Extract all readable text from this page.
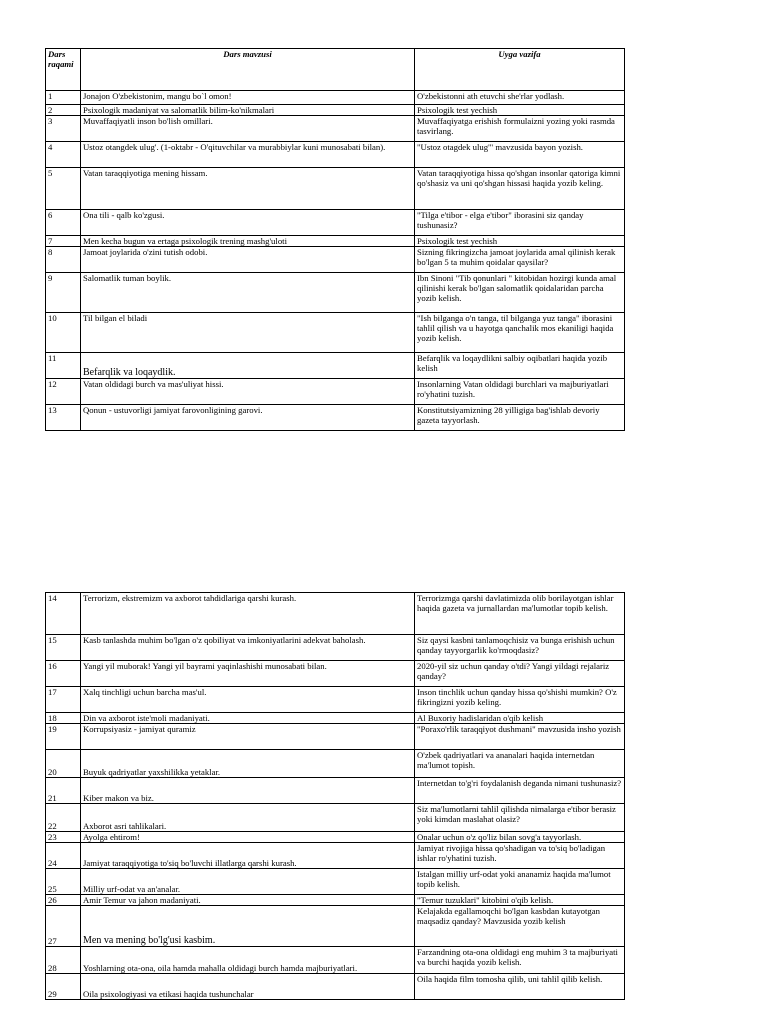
Dars raqami	Dars mavzusi	Uyga vazifa
1	Jonajon O'zbekistonim, mangu bo`l omon!	O'zbekistonni ath etuvchi she'rlar yodlash.
2	Psixologik madaniyat va salomatlik bilim-ko'nikmalari	Psixologik test yechish
3	Muvaffaqiyatli inson bo'lish omillari.	Muvaffaqiyatga erishish formulaizni yozing yoki rasmda tasvirlang.
4	Ustoz otangdek ulug'. (1-oktabr - O'qituvchilar va murabbiylar kuni munosabati bilan).	"Ustoz otagdek ulug'" mavzusida bayon yozish.
5	Vatan taraqqiyotiga mening hissam.	Vatan taraqqiyotiga hissa qo'shgan insonlar qatoriga kimni qo'shasiz va uni qo'shgan hissasi haqida yozib keling.
6	Ona tili - qalb ko'zgusi.	"Tilga e'tibor - elga e'tibor" iborasini siz qanday tushunasiz?
7	Men kecha bugun va ertaga psixologik trening mashg'uloti	Psixologik test yechish
8	Jamoat joylarida o'zini tutish odobi.	Sizning fikringizcha jamoat joylarida amal qilinish kerak bo'lgan 5 ta muhim qoidalar qaysilar?
9	Salomatlik tuman boylik.	Ibn Sinoni "Tib qonunlari " kitobidan hozirgi kunda amal qilinishi kerak bo'lgan salomatlik qoidalaridan parcha yozib kelish.
10	Til bilgan el biladi	"Ish bilganga o'n tanga, til bilganga yuz tanga" iborasini tahlil qilish va u hayotga qanchalik mos ekaniligi haqida yozib kelish.
11	Befarqlik va loqaydlik.	Befarqlik va loqaydlikni salbiy oqibatlari haqida yozib kelish
12	Vatan oldidagi burch va mas'uliyat hissi.	Insonlarning Vatan oldidagi burchlari va majburiyatlari ro'yhatini tuzish.
13	Qonun - ustuvorligi jamiyat farovonligining garovi.	Konstitutsiyamizning 28 yilligiga bag'ishlab devoriy gazeta tayyorlash.
14	Terrorizm, ekstremizm va axborot tahdidlariga qarshi kurash.	Terrorizmga qarshi davlatimizda olib borilayotgan ishlar haqida gazeta va jurnallardan ma'lumotlar topib kelish.
15	Kasb tanlashda muhim bo'lgan o'z qobiliyat va imkoniyatlarini adekvat baholash.	Siz qaysi kasbni tanlamoqchisiz va bunga erishish uchun qanday tayyorgarlik ko'rmoqdasiz?
16	Yangi yil muborak! Yangi yil bayrami yaqinlashishi munosabati bilan.	2020-yil siz uchun qanday o'tdi? Yangi yildagi rejalariz qanday?
17	Xalq tinchligi uchun barcha mas'ul.	Inson tinchlik uchun qanday hissa qo'shishi mumkin? O'z fikringizni yozib keling.
18	Din va axborot iste'moli madaniyati.	Al Buxoriy hadislaridan o'qib kelish
19	Korrupsiyasiz - jamiyat quramiz	"Poraxo'rlik taraqqiyot dushmani" mavzusida insho yozish
20	Buyuk qadriyatlar yaxshilikka yetaklar.	O'zbek qadriyatlari va ananalari haqida internetdan ma'lumot topish.
21	Kiber makon va biz.	Internetdan to'g'ri foydalanish deganda nimani tushunasiz?
22	Axborot asri tahlikalari.	Siz ma'lumotlarni tahlil qilishda nimalarga e'tibor berasiz yoki kimdan maslahat olasiz?
23	Ayolga ehtirom!	Onalar uchun o'z qo'liz bilan sovg'a tayyorlash.
24	Jamiyat taraqqiyotiga to'siq bo'luvchi illatlarga qarshi kurash.	Jamiyat rivojiga hissa qo'shadigan va to'siq bo'ladigan ishlar ro'yhatini tuzish.
25	Milliy urf-odat va an'analar.	Istalgan milliy urf-odat yoki ananamiz haqida ma'lumot topib kelish.
26	Amir Temur va jahon madaniyati.	"Temur tuzuklari" kitobini o'qib kelish.
27	Men va mening bo'lg'usi kasbim.	Kelajakda egallamoqchi bo'lgan kasbdan kutayotgan maqsadiz qanday? Mavzusida yozib kelish
28	Yoshlarning ota-ona, oila hamda mahalla oldidagi burch hamda majburiyatlari.	Farzandning ota-ona oldidagi eng muhim 3 ta majburiyati va burchi haqida yozib kelish.
29	Oila psixologiyasi va etikasi haqida tushunchalar	Oila haqida film tomosha qilib, uni tahlil qilib kelish.
